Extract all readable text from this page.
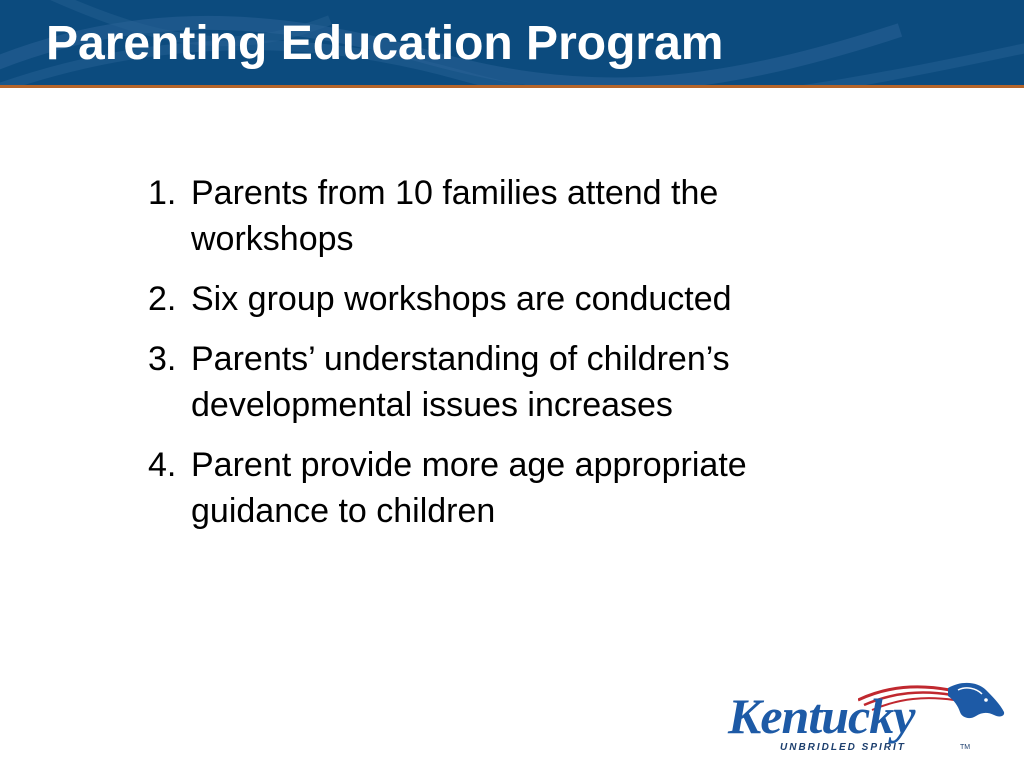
Parenting Education Program
1. Parents from 10 families attend the workshops
2. Six group workshops are conducted
3. Parents’ understanding of children’s developmental issues increases
4. Parent provide more age appropriate guidance to children
Kentucky
UNBRIDLED SPIRIT	TM
